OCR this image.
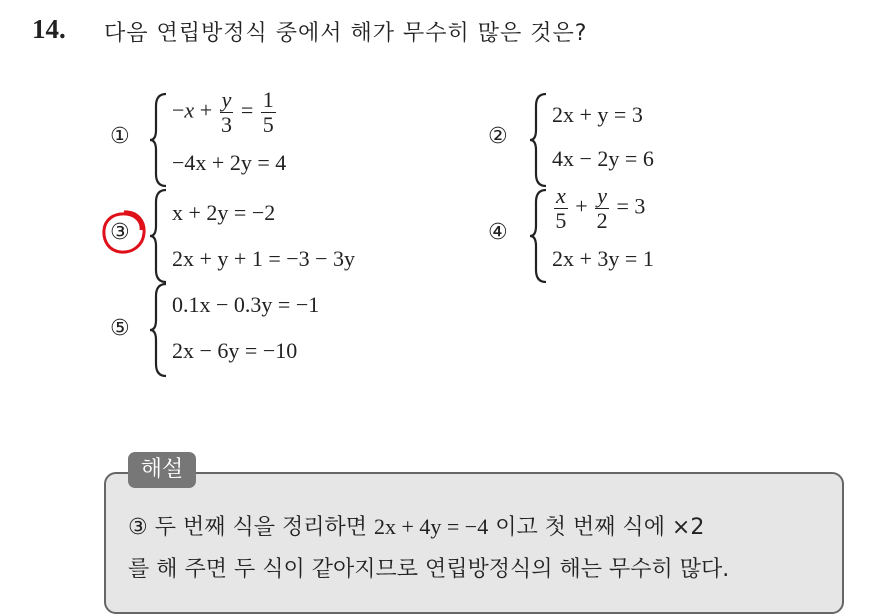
14. 다음 연립방정식 중에서 해가 무수히 많은 것은?
①
$-x + \frac{y}{3} = \frac{1}{5}$
−4x + 2y = 4
②
2x + y = 3
4x − 2y = 6
③
x + 2y = −2
2x + y + 1 = −3 − 3y
④ $\frac{x}{5} + \frac{y}{2} = 3$
2x + 3y = 1
⑤
0.1x − 0.3y = −1
2x − 6y = −10
해설
③ 두 번째 식을 정리하면 2x + 4y = −4 이고 첫 번째 식에 ×2
를 해 주면 두 식이 같아지므로 연립방정식의 해는 무수히 많다.
